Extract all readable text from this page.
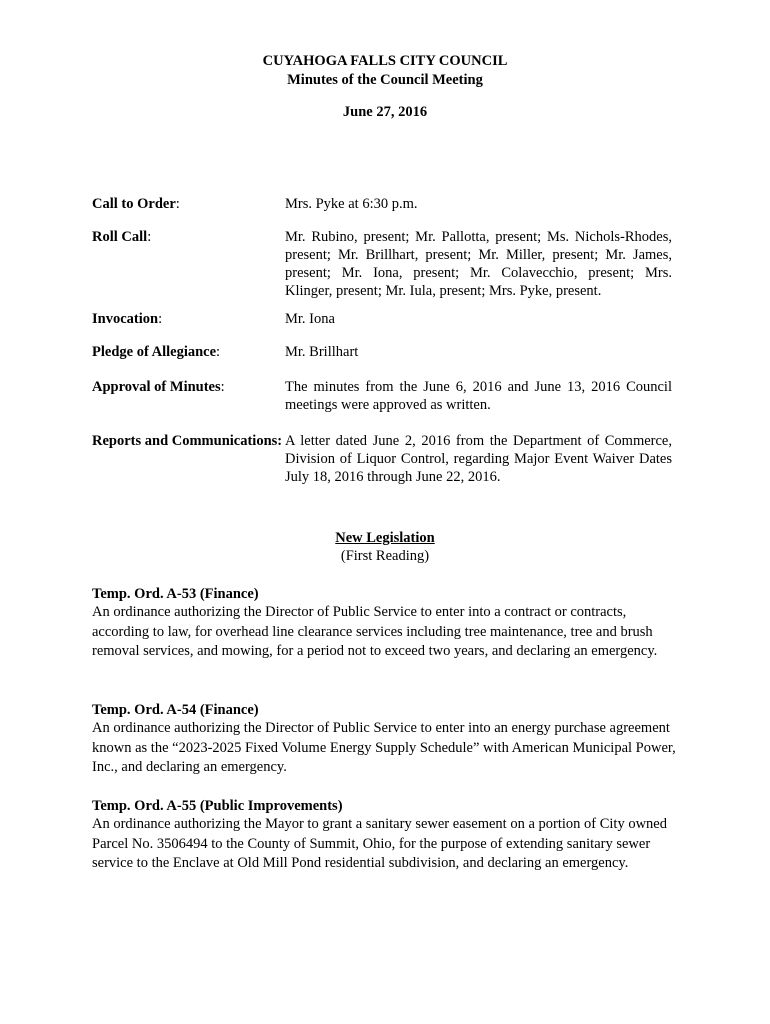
CUYAHOGA FALLS CITY COUNCIL
Minutes of the Council Meeting
June 27, 2016
Call to Order:	Mrs. Pyke at 6:30 p.m.
Roll Call:	Mr. Rubino, present; Mr. Pallotta, present; Ms. Nichols-Rhodes, present; Mr. Brillhart, present; Mr. Miller, present; Mr. James, present; Mr. Iona, present; Mr. Colavecchio, present; Mrs. Klinger, present; Mr. Iula, present; Mrs. Pyke, present.
Invocation:	Mr. Iona
Pledge of Allegiance:	Mr. Brillhart
Approval of Minutes:	The minutes from the June 6, 2016 and June 13, 2016 Council meetings were approved as written.
Reports and Communications: A letter dated June 2, 2016 from the Department of Commerce, Division of Liquor Control, regarding Major Event Waiver Dates July 18, 2016 through June 22, 2016.
New Legislation
(First Reading)
Temp. Ord. A-53 (Finance)
An ordinance authorizing the Director of Public Service to enter into a contract or contracts, according to law, for overhead line clearance services including tree maintenance, tree and brush removal services, and mowing, for a period not to exceed two years, and declaring an emergency.
Temp. Ord. A-54 (Finance)
An ordinance authorizing the Director of Public Service to enter into an energy purchase agreement known as the “2023-2025 Fixed Volume Energy Supply Schedule” with American Municipal Power, Inc., and declaring an emergency.
Temp. Ord. A-55 (Public Improvements)
An ordinance authorizing the Mayor to grant a sanitary sewer easement on a portion of City owned Parcel No. 3506494 to the County of Summit, Ohio, for the purpose of extending sanitary sewer service to the Enclave at Old Mill Pond residential subdivision, and declaring an emergency.
